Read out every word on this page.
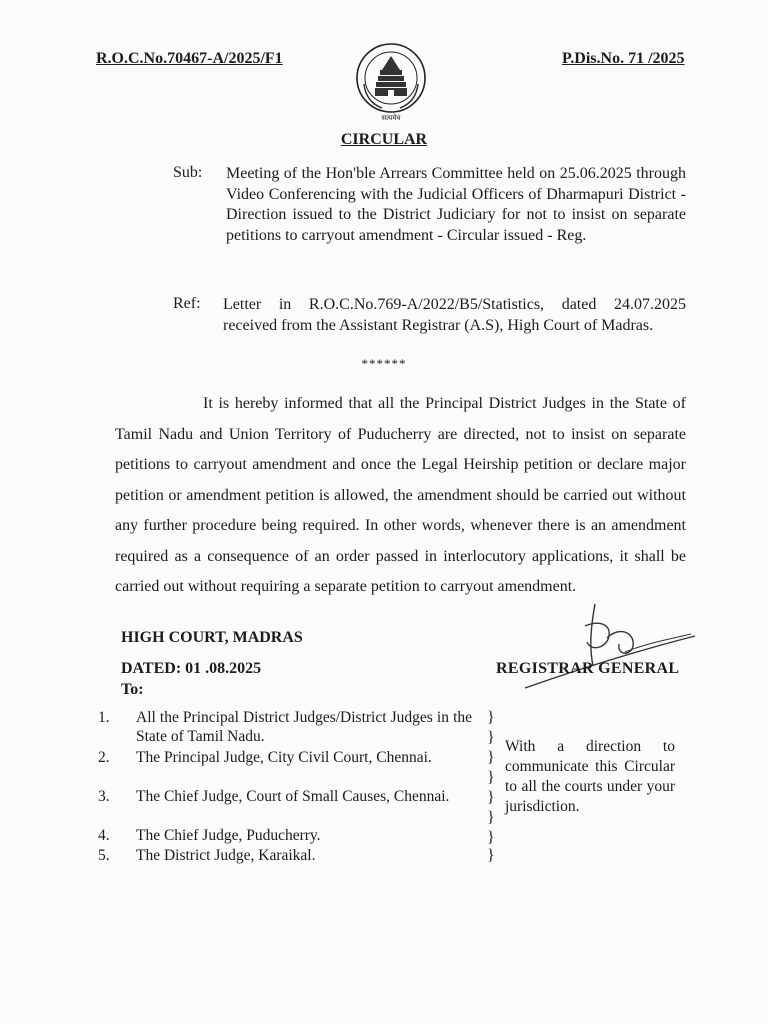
R.O.C.No.70467-A/2025/F1
सत्यमेव
P.Dis.No. 71 /2025
CIRCULAR
Sub: Meeting of the Hon'ble Arrears Committee held on 25.06.2025 through Video Conferencing with the Judicial Officers of Dharmapuri District - Direction issued to the District Judiciary for not to insist on separate petitions to carryout amendment - Circular issued - Reg.
Ref: Letter in R.O.C.No.769-A/2022/B5/Statistics, dated 24.07.2025 received from the Assistant Registrar (A.S), High Court of Madras.
******
It is hereby informed that all the Principal District Judges in the State of Tamil Nadu and Union Territory of Puducherry are directed, not to insist on separate petitions to carryout amendment and once the Legal Heirship petition or declare major petition or amendment petition is allowed, the amendment should be carried out without any further procedure being required. In other words, whenever there is an amendment required as a consequence of an order passed in interlocutory applications, it shall be carried out without requiring a separate petition to carryout amendment.
HIGH COURT, MADRAS
DATED: 01 .08.2025
To:
REGISTRAR GENERAL
1.	All the Principal District Judges/District Judges in the State of Tamil Nadu.
2.	The Principal Judge, City Civil Court, Chennai.
3.	The Chief Judge, Court of Small Causes, Chennai.
4.	The Chief Judge, Puducherry.
5.	The District Judge, Karaikal.
}
}
}
}
}
}
}
}
With a direction to communicate this Circular to all the courts under your jurisdiction.
